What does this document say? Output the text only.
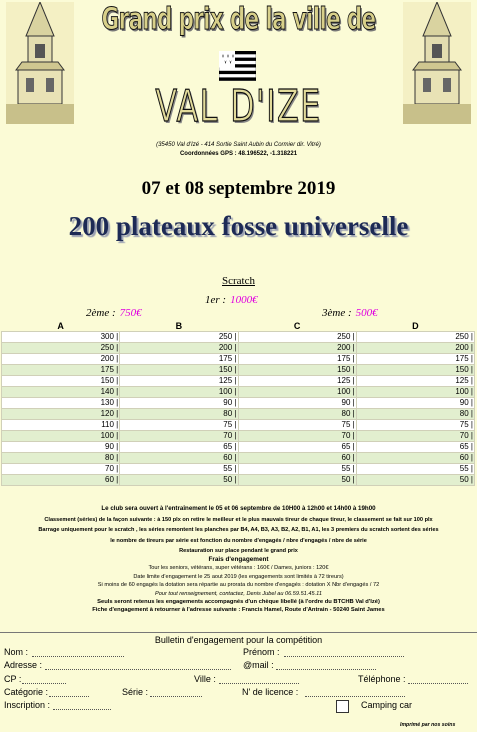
Grand prix de la ville de
VAL D'IZE
(35450 Val d'Izé - 414 Sortie Saint Aubin du Cormier dir. Vitré)
Coordonnées GPS : 48.196522, -1.318221
07 et 08 septembre 2019
200 plateaux fosse universelle
Scratch
1er : 1000€
2ème : 750€	3ème : 500€
A	B	C	D
300 |	250 |	250 |	250 |
250 |	200 |	200 |	200 |
200 |	175 |	175 |	175 |
175 |	150 |	150 |	150 |
150 |	125 |	125 |	125 |
140 |	100 |	100 |	100 |
130 |	90 |	90 |	90 |
120 |	80 |	80 |	80 |
110 |	75 |	75 |	75 |
100 |	70 |	70 |	70 |
90 |	65 |	65 |	65 |
80 |	60 |	60 |	60 |
70 |	55 |	55 |	55 |
60 |	50 |	50 |	50 |
Le club sera ouvert à l'entraînement le 05 et 06 septembre de 10H00 à 12h00 et 14h00 à 19h00
Classement (séries) de la façon suivante : à 150 plx on retire le meilleur et le plus mauvais tireur de chaque tireur, le classement se fait sur 100 plx
Barrage uniquement pour le scratch , les séries remontent les planches par B4, A4, B3, A3, B2, A2, B1, A1, les 3 premiers du scratch sortent des séries
le nombre de tireurs par série est fonction du nombre d'engagés / nbre d'engagés / nbre de série
Restauration sur place pendant le grand prix
Frais d'engagement
Tour les seniors, vétérans, super vétérans : 160€ / Dames, juniors : 120€
Date limite d'engagement le 25 aout 2019 (les engagements sont limités à 72 tireurs)
Si moins de 60 engagés la dotation sera répartie au prorata du nombre d'engagés : dotation X Nbr d'engagés / 72
Pour tout renseignement, contactez, Denis Jubel au 06.59.51.45.11
Seuls seront retenus les engagements accompagnés d'un chèque libellé (à l'ordre du BTCHB Val d'Izé)
Fiche d'engagement à retourner à l'adresse suivante : Francis Hamel, Route d'Antrain - 50240 Saint James
Bulletin d'engagement pour la compétition
Nom :	Prénom :
Adresse :	@mail :
CP :	Ville :	Téléphone :
Catégorie :	Série :	N' de licence :
Inscription :	Camping car
Imprimé par nos soins
